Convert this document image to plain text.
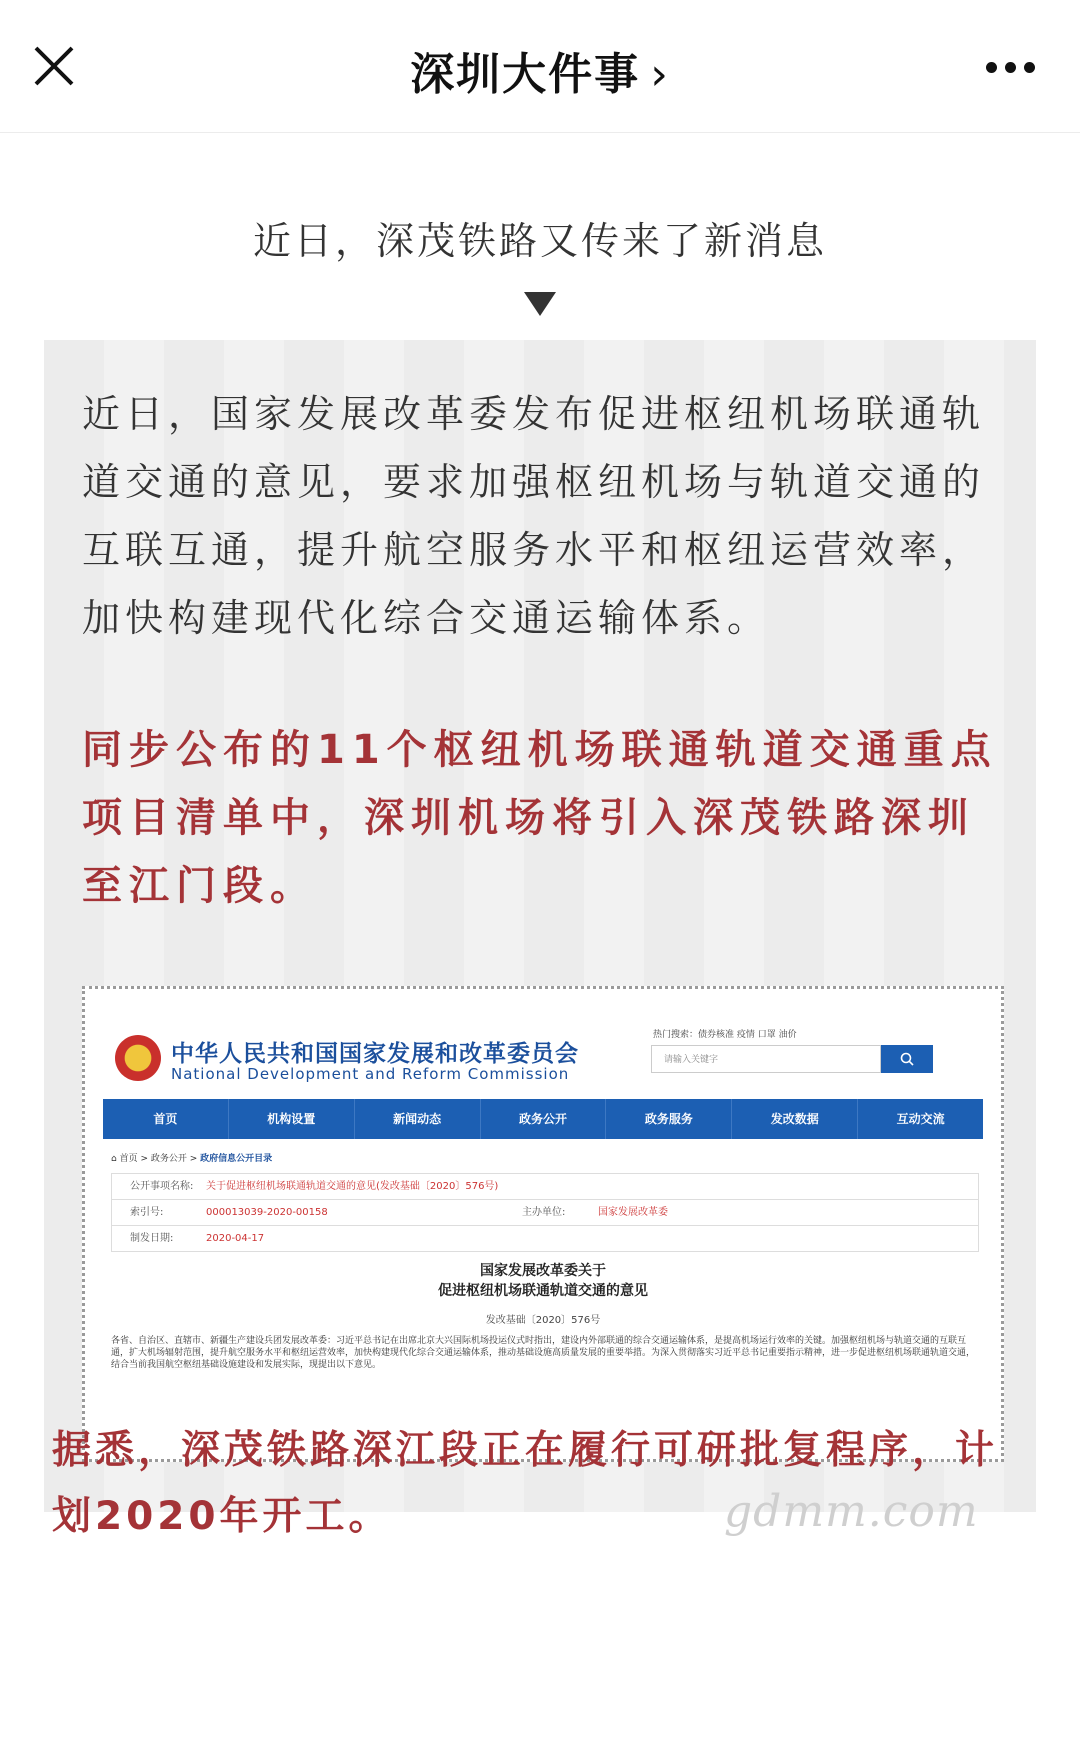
深圳大件事 ›
近日，深茂铁路又传来了新消息
近日，国家发展改革委发布促进枢纽机场联通轨道交通的意见，要求加强枢纽机场与轨道交通的互联互通，提升航空服务水平和枢纽运营效率，加快构建现代化综合交通运输体系。
同步公布的11个枢纽机场联通轨道交通重点项目清单中，深圳机场将引入深茂铁路深圳至江门段。
中华人民共和国国家发展和改革委员会
National Development and Reform Commission
热门搜索：债券核准 疫情 口罩 油价
请输入关键字
首页	机构设置	新闻动态	政务公开	政务服务	发改数据	互动交流
⌂ 首页 > 政务公开 > 政府信息公开目录
公开事项名称: 关于促进枢纽机场联通轨道交通的意见(发改基础〔2020〕576号)
索引号:	000013039-2020-00158	主办单位:	国家发展改革委
制发日期:	2020-04-17
国家发展改革委关于
促进枢纽机场联通轨道交通的意见
发改基础〔2020〕576号
各省、自治区、直辖市、新疆生产建设兵团发展改革委：习近平总书记在出席北京大兴国际机场投运仪式时指出，建设内外部联通的综合交通运输体系，是提高机场运行效率的关键。加强枢纽机场与轨道交通的互联互通，扩大机场辐射范围，提升航空服务水平和枢纽运营效率，加快构建现代化综合交通运输体系，推动基础设施高质量发展的重要举措。为深入贯彻落实习近平总书记重要指示精神，进一步促进枢纽机场联通轨道交通，结合当前我国航空枢纽基础设施建设和发展实际，现提出以下意见。
据悉，深茂铁路深江段正在履行可研批复程序，计划2020年开工。	gdmm.com
